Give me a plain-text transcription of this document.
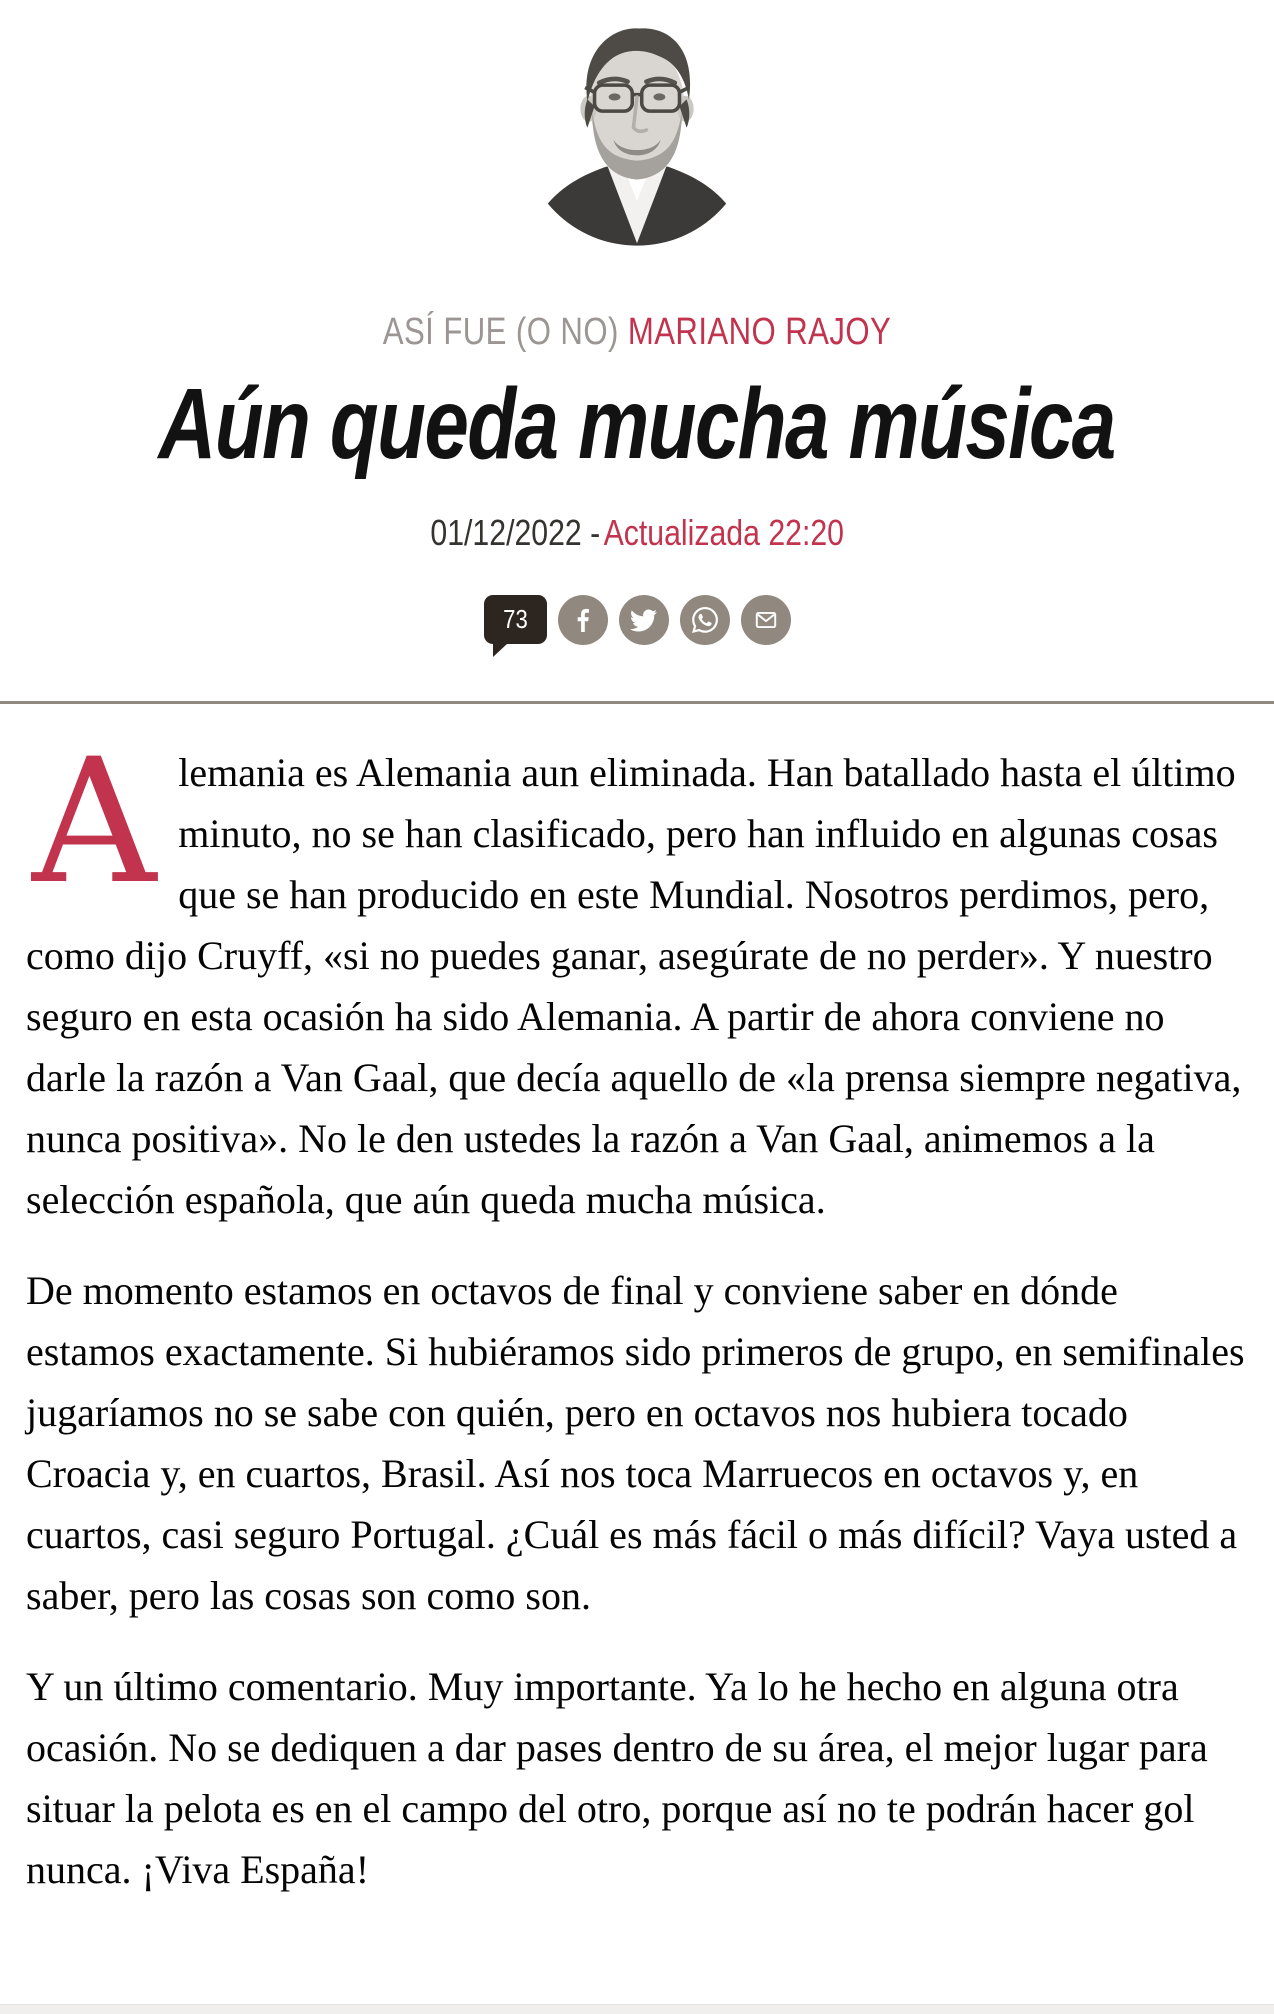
ASÍ FUE (O NO) MARIANO RAJOY
Aún queda mucha música
01/12/2022 -Actualizada 22:20
73

Alemania es Alemania aun eliminada. Han batallado hasta el último minuto, no se han clasificado, pero han influido en algunas cosas que se han producido en este Mundial. Nosotros perdimos, pero, como dijo Cruyff, «si no puedes ganar, asegúrate de no perder». Y nuestro seguro en esta ocasión ha sido Alemania. A partir de ahora conviene no darle la razón a Van Gaal, que decía aquello de «la prensa siempre negativa, nunca positiva». No le den ustedes la razón a Van Gaal, animemos a la selección española, que aún queda mucha música.

De momento estamos en octavos de final y conviene saber en dónde estamos exactamente. Si hubiéramos sido primeros de grupo, en semifinales jugaríamos no se sabe con quién, pero en octavos nos hubiera tocado Croacia y, en cuartos, Brasil. Así nos toca Marruecos en octavos y, en cuartos, casi seguro Portugal. ¿Cuál es más fácil o más difícil? Vaya usted a saber, pero las cosas son como son.

Y un último comentario. Muy importante. Ya lo he hecho en alguna otra ocasión. No se dediquen a dar pases dentro de su área, el mejor lugar para situar la pelota es en el campo del otro, porque así no te podrán hacer gol nunca. ¡Viva España!
